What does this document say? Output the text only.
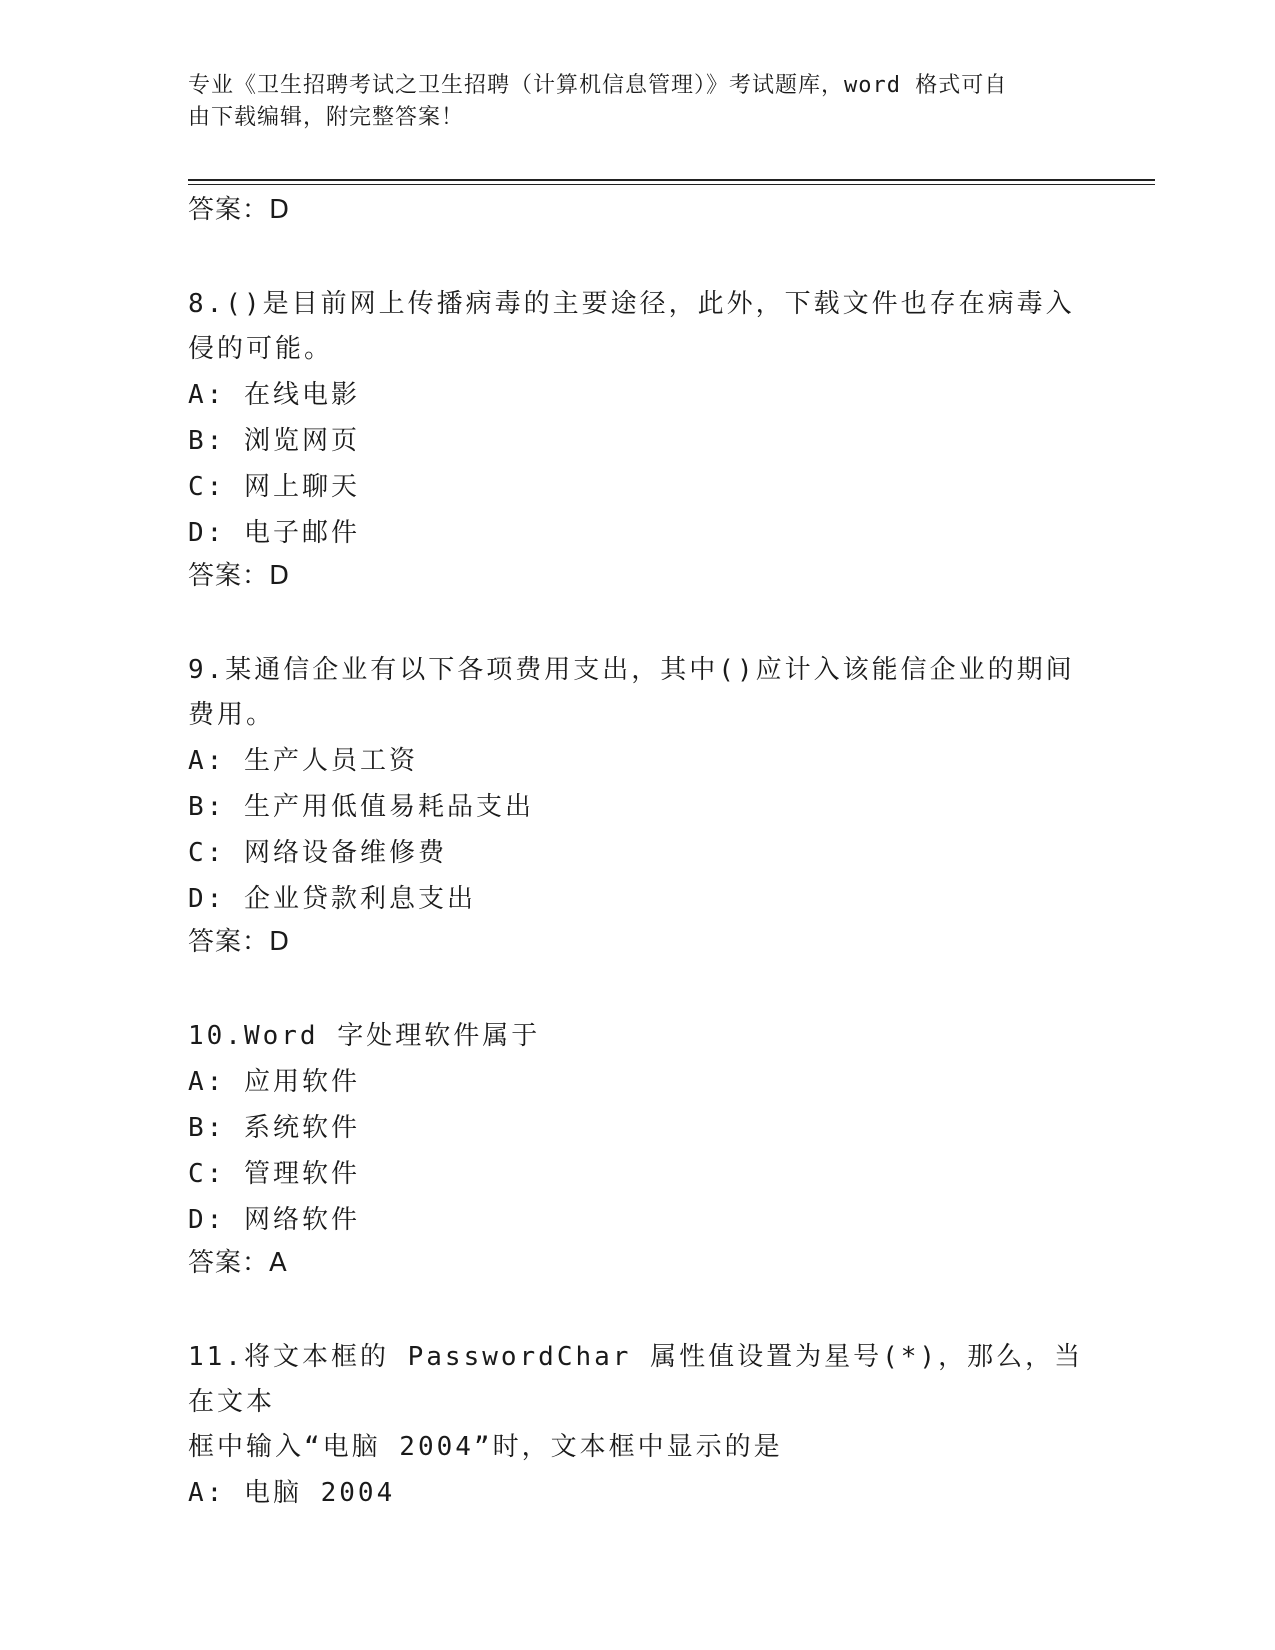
专业《卫生招聘考试之卫生招聘（计算机信息管理）》考试题库，word 格式可自
由下载编辑，附完整答案！
答案：D
8.()是目前网上传播病毒的主要途径，此外，下载文件也存在病毒入
侵的可能。
A: 在线电影
B: 浏览网页
C: 网上聊天
D: 电子邮件
答案：D
9.某通信企业有以下各项费用支出，其中()应计入该能信企业的期间
费用。
A: 生产人员工资
B: 生产用低值易耗品支出
C: 网络设备维修费
D: 企业贷款利息支出
答案：D
10.Word 字处理软件属于
A: 应用软件
B: 系统软件
C: 管理软件
D: 网络软件
答案：A
11.将文本框的 PasswordChar 属性值设置为星号(*)，那么，当在文本
框中输入“电脑 2004”时，文本框中显示的是
A: 电脑 2004
